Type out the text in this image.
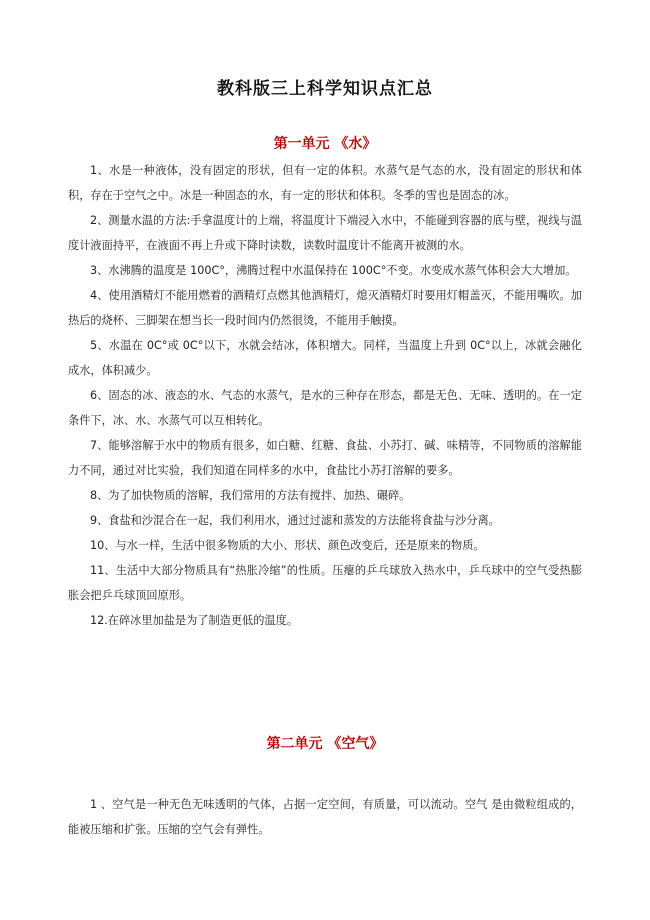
教科版三上科学知识点汇总
第一单元 《水》

1、水是一种液体，没有固定的形状，但有一定的体积。水蒸气是气态的水，没有固定的形状和体积，存在于空气之中。冰是一种固态的水，有一定的形状和体积。冬季的雪也是固态的冰。

2、测量水温的方法:手拿温度计的上端，将温度计下端浸入水中，不能碰到容器的底与壁，视线与温度计液面持平，在液面不再上升或下降时读数，读数时温度计不能离开被测的水。

3、水沸腾的温度是 100C°，沸腾过程中水温保持在 100C°不变。水变成水蒸气体积会大大增加。

4、使用酒精灯不能用燃着的酒精灯点燃其他酒精灯，熄灭酒精灯时要用灯帽盖灭，不能用嘴吹。加热后的烧杯、三脚架在想当长一段时间内仍然很烫，不能用手触摸。

5、水温在 0C°或 0C°以下，水就会结冰，体积增大。同样，当温度上升到 0C°以上，冰就会融化成水，体积减少。

6、固态的冰、液态的水、气态的水蒸气，是水的三种存在形态，都是无色、无味、透明的。在一定条件下，冰、水、水蒸气可以互相转化。

7、能够溶解于水中的物质有很多，如白糖、红糖、食盐、小苏打、碱、味精等，不同物质的溶解能力不同，通过对比实验，我们知道在同样多的水中，食盐比小苏打溶解的要多。

8、为了加快物质的溶解，我们常用的方法有搅拌、加热、碾碎。

9、食盐和沙混合在一起，我们利用水，通过过滤和蒸发的方法能将食盐与沙分离。

10、与水一样，生活中很多物质的大小、形状、颜色改变后，还是原来的物质。

11、生活中大部分物质具有“热胀冷缩”的性质。压瘪的乒乓球放入热水中，乒乓球中的空气受热膨胀会把乒乓球顶回原形。

12.在碎冰里加盐是为了制造更低的温度。

第二单元 《空气》

1 、空气是一种无色无味透明的气体，占据一定空间，有质量，可以流动。空气 是由微粒组成的，能被压缩和扩张。压缩的空气会有弹性。
